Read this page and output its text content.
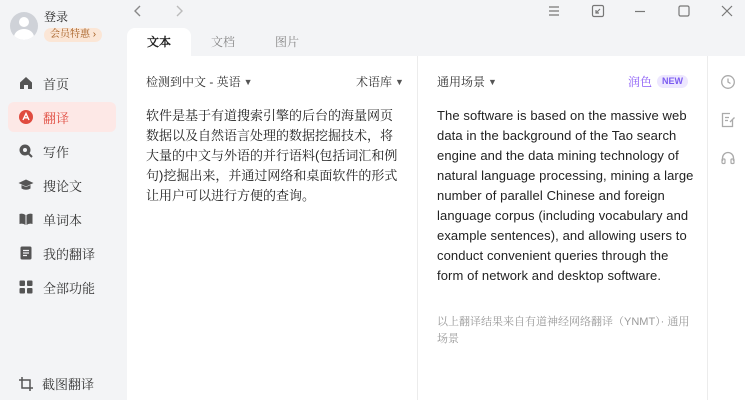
登录
会员特惠 ›
首页
翻译
写作
搜论文
单词本
我的翻译
全部功能
截图翻译
文本	文档	图片
检测到中文 - 英语 ▼	术语库 ▼
软件是基于有道搜索引擎的后台的海量网页数据以及自然语言处理的数据挖掘技术，将大量的中文与外语的并行语料(包括词汇和例句)挖掘出来，并通过网络和桌面软件的形式让用户可以进行方便的查询。
通用场景 ▼	润色	NEW
The software is based on the massive web data in the background of the Tao search engine and the data mining technology of natural language processing, mining a large number of parallel Chinese and foreign language corpus (including vocabulary and example sentences), and allowing users to conduct convenient queries through the form of network and desktop software.
以上翻译结果来自有道神经网络翻译（YNMT）· 通用场景
